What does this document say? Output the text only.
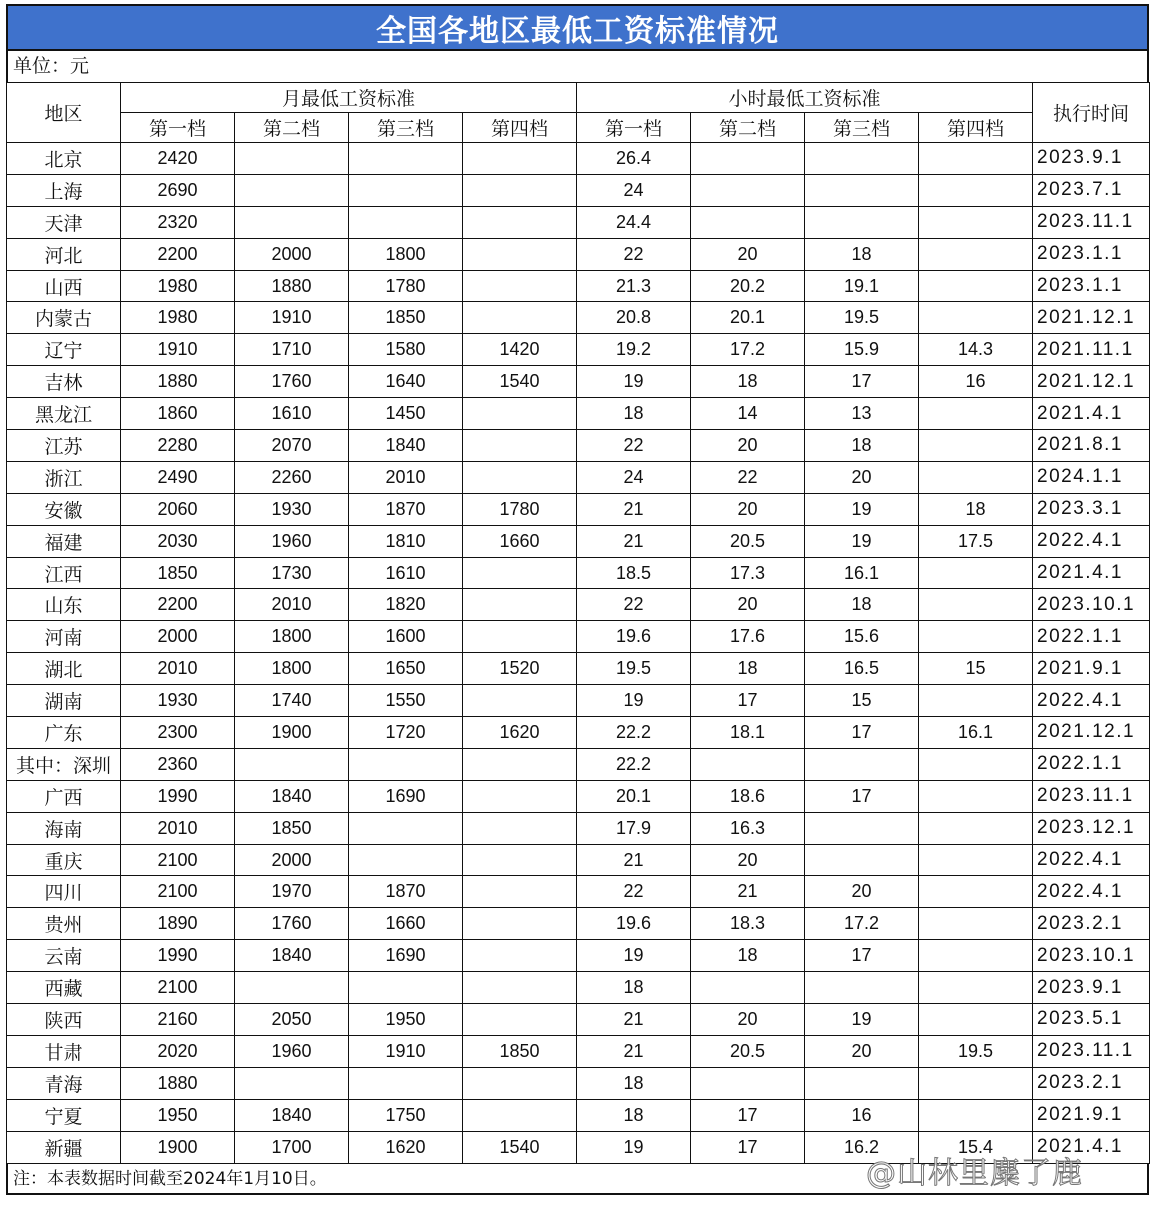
全国各地区最低工资标准情况
单位：元
地区	月最低工资标准				小时最低工资标准				执行时间
	第一档	第二档	第三档	第四档	第一档	第二档	第三档	第四档	
北京	2420				26.4				2023.9.1
上海	2690				24				2023.7.1
天津	2320				24.4				2023.11.1
河北	2200	2000	1800		22	20	18		2023.1.1
山西	1980	1880	1780		21.3	20.2	19.1		2023.1.1
内蒙古	1980	1910	1850		20.8	20.1	19.5		2021.12.1
辽宁	1910	1710	1580	1420	19.2	17.2	15.9	14.3	2021.11.1
吉林	1880	1760	1640	1540	19	18	17	16	2021.12.1
黑龙江	1860	1610	1450		18	14	13		2021.4.1
江苏	2280	2070	1840		22	20	18		2021.8.1
浙江	2490	2260	2010		24	22	20		2024.1.1
安徽	2060	1930	1870	1780	21	20	19	18	2023.3.1
福建	2030	1960	1810	1660	21	20.5	19	17.5	2022.4.1
江西	1850	1730	1610		18.5	17.3	16.1		2021.4.1
山东	2200	2010	1820		22	20	18		2023.10.1
河南	2000	1800	1600		19.6	17.6	15.6		2022.1.1
湖北	2010	1800	1650	1520	19.5	18	16.5	15	2021.9.1
湖南	1930	1740	1550		19	17	15		2022.4.1
广东	2300	1900	1720	1620	22.2	18.1	17	16.1	2021.12.1
其中：深圳	2360				22.2				2022.1.1
广西	1990	1840	1690		20.1	18.6	17		2023.11.1
海南	2010	1850			17.9	16.3			2023.12.1
重庆	2100	2000			21	20			2022.4.1
四川	2100	1970	1870		22	21	20		2022.4.1
贵州	1890	1760	1660		19.6	18.3	17.2		2023.2.1
云南	1990	1840	1690		19	18	17		2023.10.1
西藏	2100				18				2023.9.1
陕西	2160	2050	1950		21	20	19		2023.5.1
甘肃	2020	1960	1910	1850	21	20.5	20	19.5	2023.11.1
青海	1880				18				2023.2.1
宁夏	1950	1840	1750		18	17	16		2021.9.1
新疆	1900	1700	1620	1540	19	17	16.2	15.4	2021.4.1
注：本表数据时间截至2024年1月10日。	@山林里麋了鹿
